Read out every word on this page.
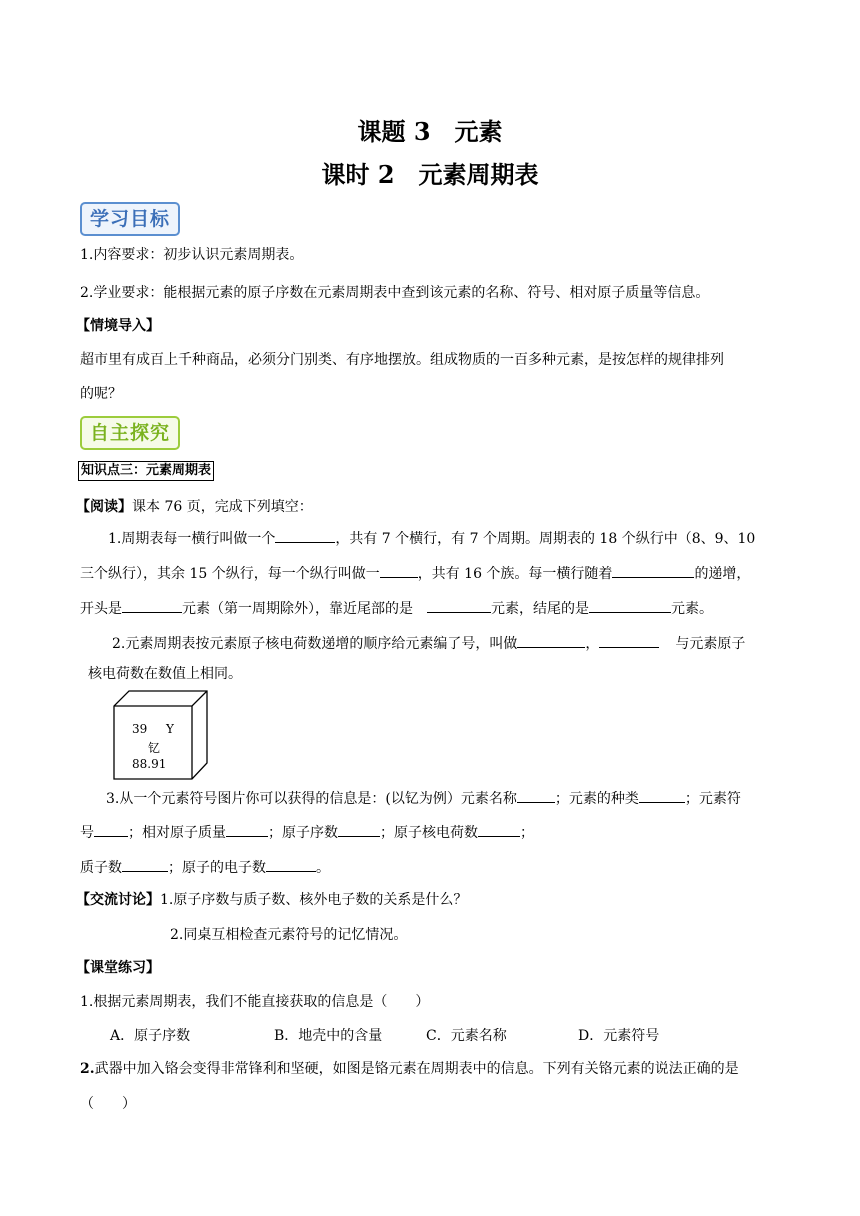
课题 3　元素
课时 2　元素周期表
学习目标
1.内容要求：初步认识元素周期表。
2.学业要求：能根据元素的原子序数在元素周期表中查到该元素的名称、符号、相对原子质量等信息。
【情境导入】
超市里有成百上千种商品，必须分门别类、有序地摆放。组成物质的一百多种元素，是按怎样的规律排列
的呢？
自主探究
知识点三：元素周期表
【阅读】课本 76 页，完成下列填空：
1.周期表每一横行叫做一个	，共有 7 个横行，有 7 个周期。周期表的 18 个纵行中（8、9、10
三个纵行），其余 15 个纵行，每一个纵行叫做一	，共有 16 个族。每一横行随着	的递增，
开头是	元素（第一周期除外），靠近尾部的是	元素，结尾的是	元素。
2.元素周期表按元素原子核电荷数递增的顺序给元素编了号，叫做	，	与元素原子
核电荷数在数值上相同。
39 Y
钇
88.91
3.从一个元素符号图片你可以获得的信息是：(以钇为例）元素名称	；元素的种类	；元素符
号 ；相对原子质量	；原子序数	；原子核电荷数	；
质子数	；原子的电子数	。
【交流讨论】1.原子序数与质子数、核外电子数的关系是什么？
2.同桌互相检查元素符号的记忆情况。
【课堂练习】
1.根据元素周期表，我们不能直接获取的信息是（　　）
A．原子序数	B．地壳中的含量	C．元素名称	D．元素符号
2.武器中加入铬会变得非常锋利和坚硬，如图是铬元素在周期表中的信息。下列有关铬元素的说法正确的是
（　　）
